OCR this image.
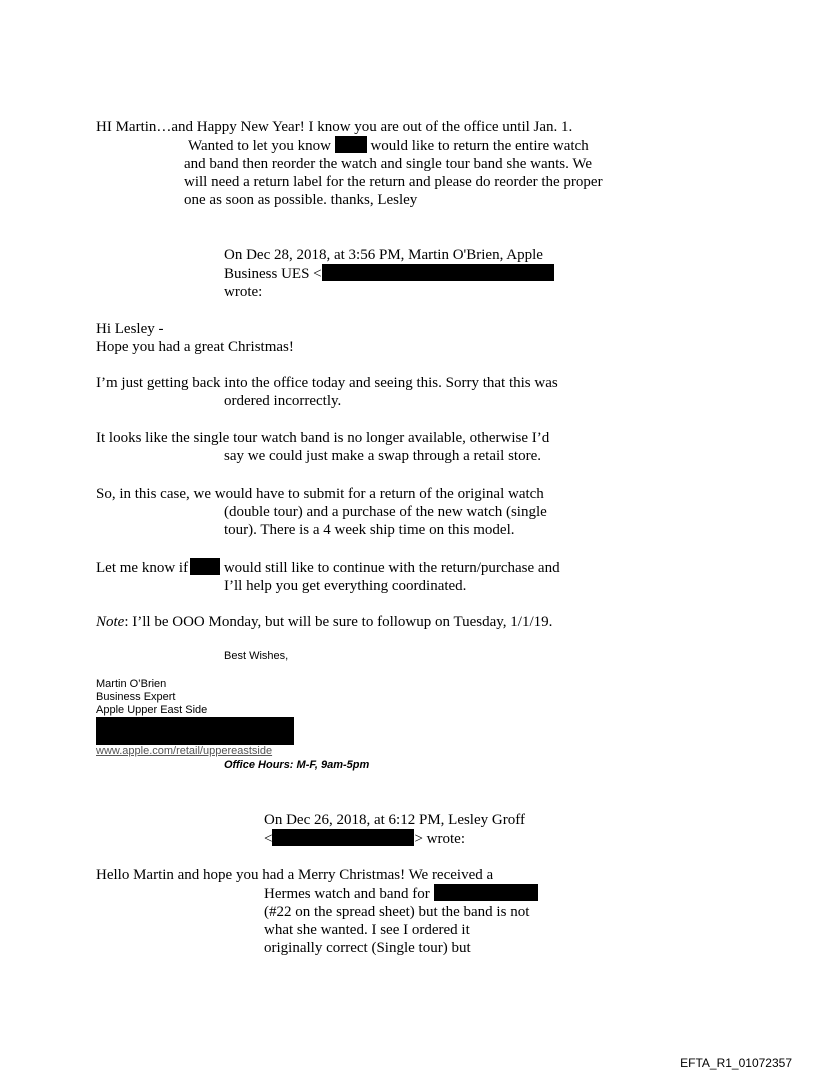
HI Martin…and Happy New Year! I know you are out of the office until Jan. 1.
Wanted to let you know	would like to return the entire watch
and band then reorder the watch and single tour band she wants. We
will need a return label for the return and please do reorder the proper
one as soon as possible. thanks, Lesley
On Dec 28, 2018, at 3:56 PM, Martin O'Brien, Apple
Business UES <
wrote:
Hi Lesley -
Hope you had a great Christmas!
I’m just getting back into the office today and seeing this. Sorry that this was
ordered incorrectly.
It looks like the single tour watch band is no longer available, otherwise I’d
say we could just make a swap through a retail store.
So, in this case, we would have to submit for a return of the original watch
(double tour) and a purchase of the new watch (single
tour). There is a 4 week ship time on this model.
Let me know if would still like to continue with the return/purchase and
I’ll help you get everything coordinated.
Note: I’ll be OOO Monday, but will be sure to followup on Tuesday, 1/1/19.
Best Wishes,
Martin O’Brien
Business Expert
Apple Upper East Side
www.apple.com/retail/uppereastside
Office Hours: M-F, 9am-5pm
On Dec 26, 2018, at 6:12 PM, Lesley Groff
<	> wrote:
Hello Martin and hope you had a Merry Christmas! We received a
Hermes watch and band for
(#22 on the spread sheet) but the band is not
what she wanted. I see I ordered it
originally correct (Single tour) but
EFTA_R1_01072357
